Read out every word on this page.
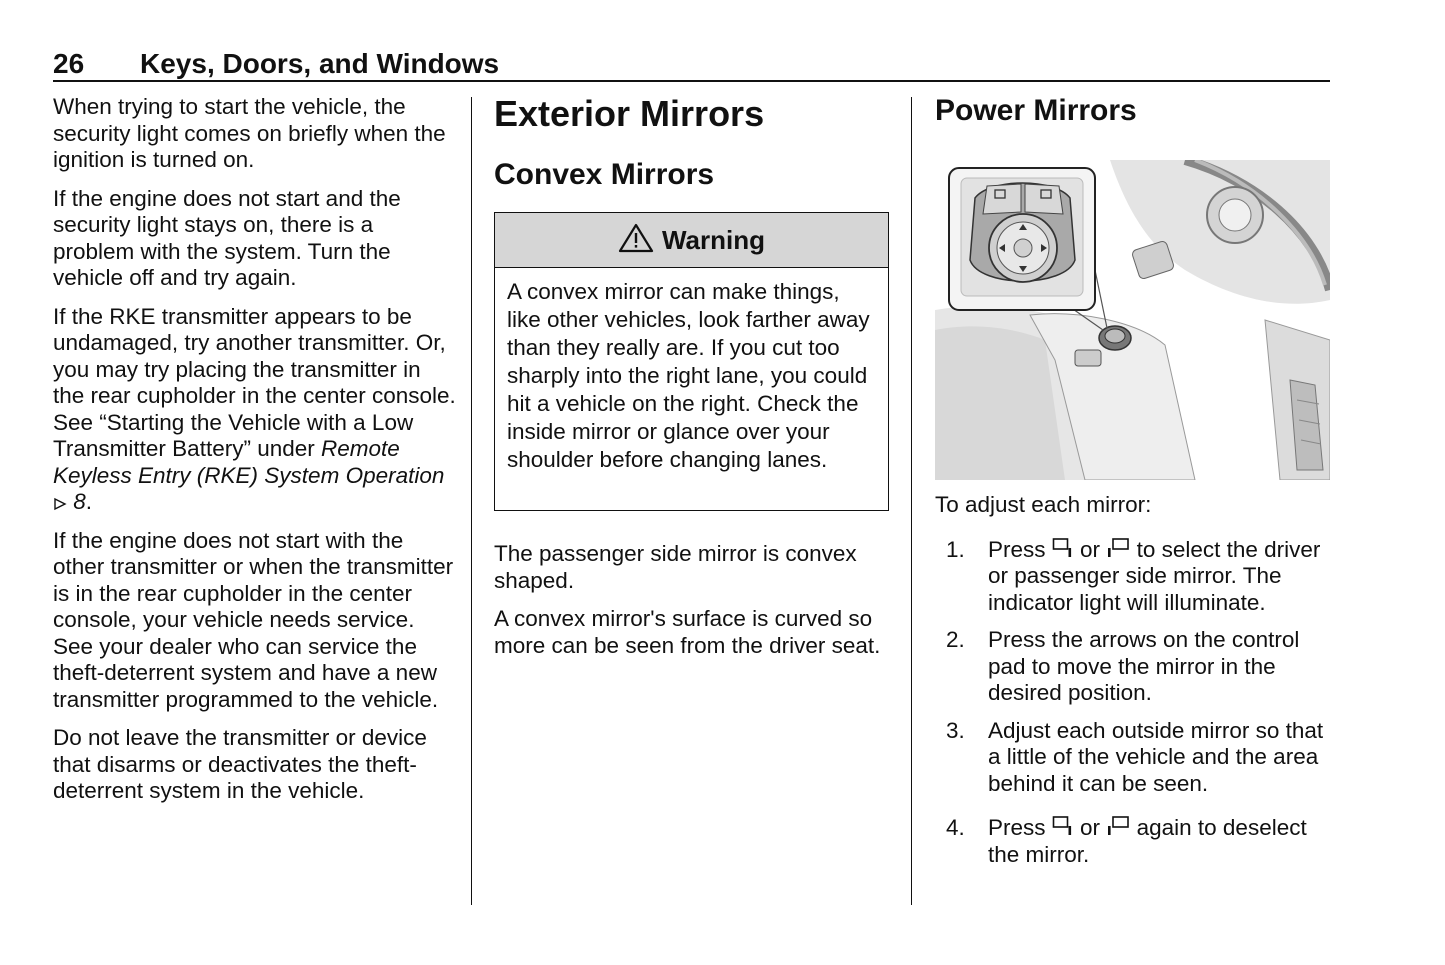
26 Keys, Doors, and Windows

When trying to start the vehicle, the security light comes on briefly when the ignition is turned on.

If the engine does not start and the security light stays on, there is a problem with the system. Turn the vehicle off and try again.

If the RKE transmitter appears to be undamaged, try another transmitter. Or, you may try placing the transmitter in the rear cupholder in the center console. See “Starting the Vehicle with a Low Transmitter Battery” under Remote Keyless Entry (RKE) System Operation  8.

If the engine does not start with the other transmitter or when the transmitter is in the rear cupholder in the center console, your vehicle needs service. See your dealer who can service the theft-deterrent system and have a new transmitter programmed to the vehicle.

Do not leave the transmitter or device that disarms or deactivates the theft-deterrent system in the vehicle.

Exterior Mirrors
Convex Mirrors
Warning
A convex mirror can make things, like other vehicles, look farther away than they really are. If you cut too sharply into the right lane, you could hit a vehicle on the right. Check the inside mirror or glance over your shoulder before changing lanes.

The passenger side mirror is convex shaped.

A convex mirror's surface is curved so more can be seen from the driver seat.

Power Mirrors

To adjust each mirror:

1. Press or to select the driver or passenger side mirror. The indicator light will illuminate.
2. Press the arrows on the control pad to move the mirror in the desired position.
3. Adjust each outside mirror so that a little of the vehicle and the area behind it can be seen.
4. Press or again to deselect the mirror.
